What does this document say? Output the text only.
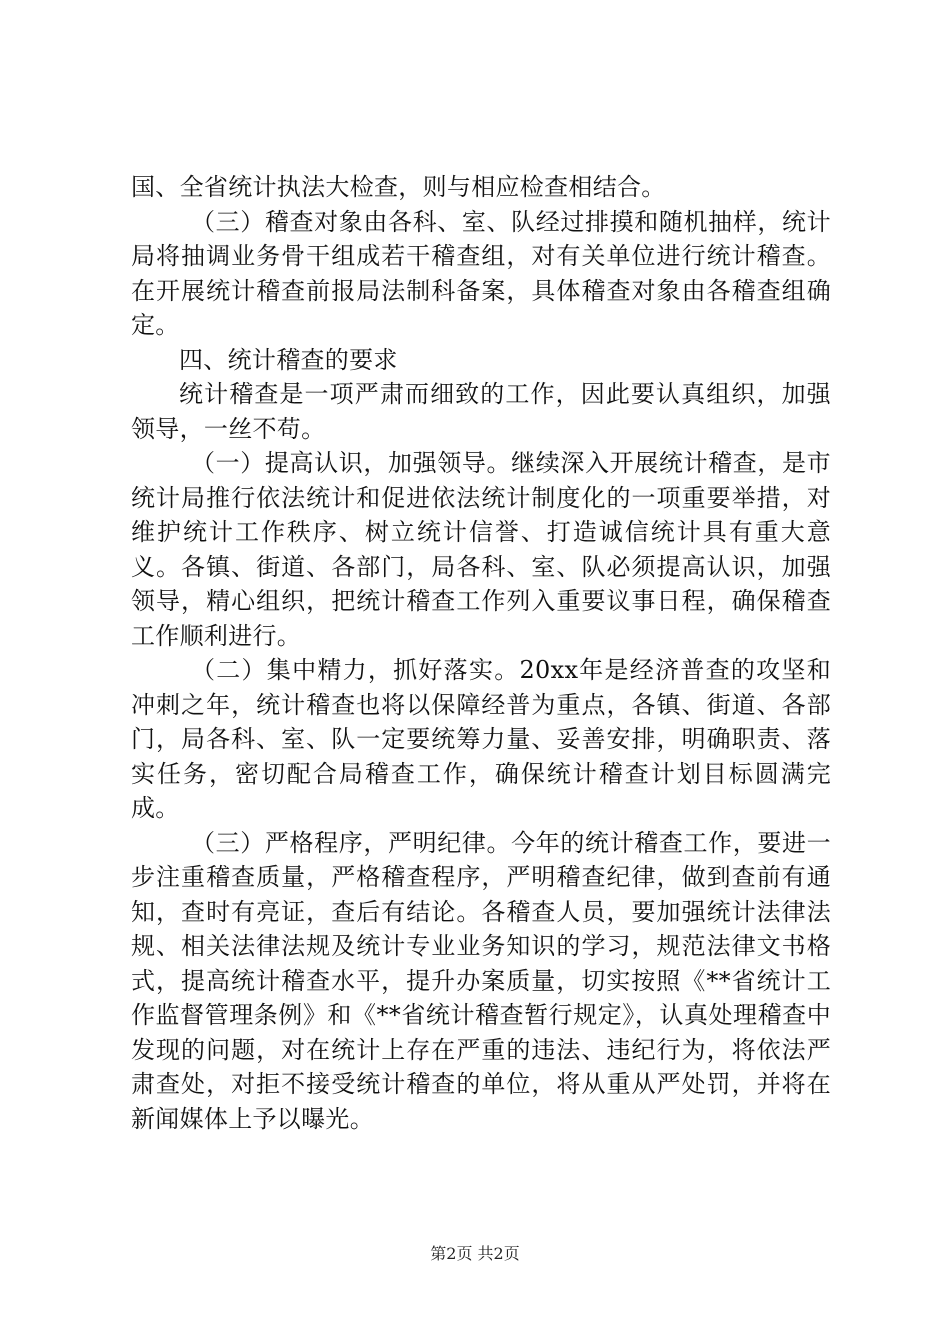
国、全省统计执法大检查，则与相应检查相结合。

（三）稽查对象由各科、室、队经过排摸和随机抽样，统计局将抽调业务骨干组成若干稽查组，对有关单位进行统计稽查。在开展统计稽查前报局法制科备案，具体稽查对象由各稽查组确定。

四、统计稽查的要求

统计稽查是一项严肃而细致的工作，因此要认真组织，加强领导，一丝不苟。

（一）提高认识，加强领导。继续深入开展统计稽查，是市统计局推行依法统计和促进依法统计制度化的一项重要举措，对维护统计工作秩序、树立统计信誉、打造诚信统计具有重大意义。各镇、街道、各部门，局各科、室、队必须提高认识，加强领导，精心组织，把统计稽查工作列入重要议事日程，确保稽查工作顺利进行。

（二）集中精力，抓好落实。20xx年是经济普查的攻坚和冲刺之年，统计稽查也将以保障经普为重点，各镇、街道、各部门，局各科、室、队一定要统筹力量、妥善安排，明确职责、落实任务，密切配合局稽查工作，确保统计稽查计划目标圆满完成。

（三）严格程序，严明纪律。今年的统计稽查工作，要进一步注重稽查质量，严格稽查程序，严明稽查纪律，做到查前有通知，查时有亮证，查后有结论。各稽查人员，要加强统计法律法规、相关法律法规及统计专业业务知识的学习，规范法律文书格式，提高统计稽查水平，提升办案质量，切实按照《**省统计工作监督管理条例》和《**省统计稽查暂行规定》，认真处理稽查中发现的问题，对在统计上存在严重的违法、违纪行为，将依法严肃查处，对拒不接受统计稽查的单位，将从重从严处罚，并将在新闻媒体上予以曝光。

第2页 共2页
